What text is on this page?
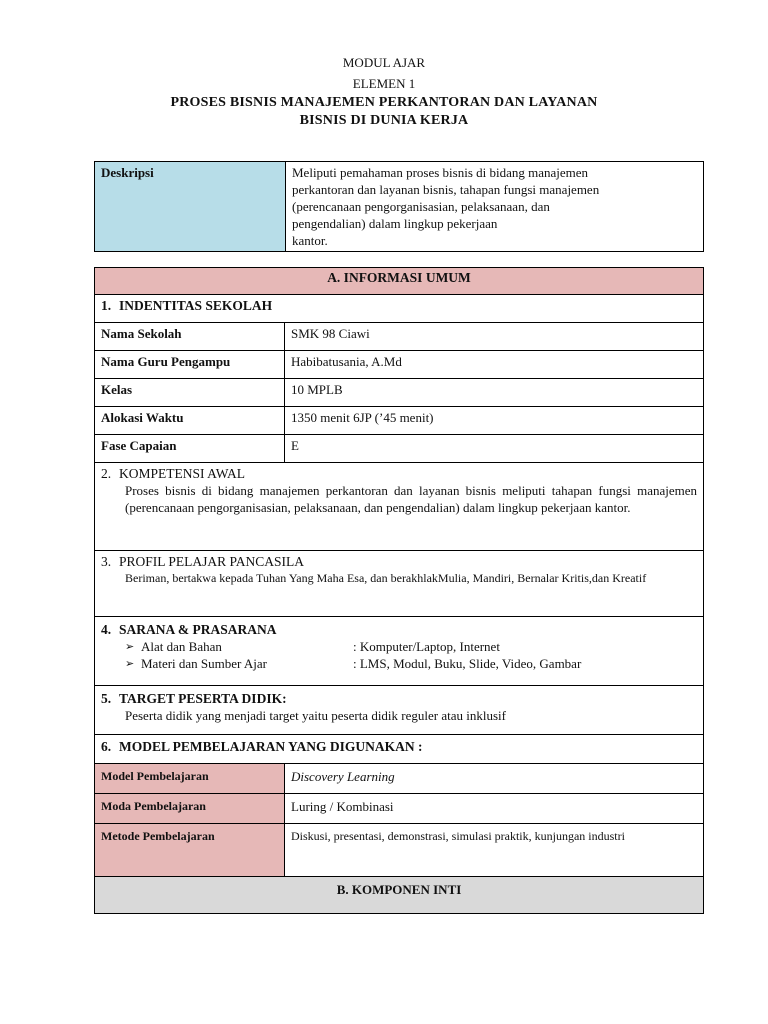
MODUL AJAR
ELEMEN 1
PROSES BISNIS MANAJEMEN PERKANTORAN DAN LAYANAN
BISNIS DI DUNIA KERJA
Deskripsi	Meliputi pemahaman proses bisnis di bidang manajemen
perkantoran dan layanan bisnis, tahapan fungsi manajemen
(perencanaan pengorganisasian, pelaksanaan, dan
pengendalian) dalam lingkup pekerjaan
kantor.
A. INFORMASI UMUM	
1. INDENTITAS SEKOLAH	
Nama Sekolah	SMK 98 Ciawi
Nama Guru Pengampu	Habibatusania, A.Md
Kelas	10 MPLB
Alokasi Waktu	1350 menit 6JP (’45 menit)
Fase Capaian	E

2. KOMPETENSI AWAL
Proses bisnis di bidang manajemen perkantoran dan layanan bisnis meliputi tahapan fungsi manajemen (perencanaan pengorganisasian, pelaksanaan, dan pengendalian) dalam lingkup pekerjaan kantor.	

3. PROFIL PELAJAR PANCASILA
Beriman, bertakwa kepada Tuhan Yang Maha Esa, dan berakhlakMulia, Mandiri, Bernalar Kritis,dan Kreatif	

4. SARANA & PRASARANA
➢ Alat dan Bahan : Komputer/Laptop, Internet
➢ Materi dan Sumber Ajar : LMS, Modul, Buku, Slide, Video, Gambar	

5. TARGET PESERTA DIDIK:
Peserta didik yang menjadi target yaitu peserta didik reguler atau inklusif	

6. MODEL PEMBELAJARAN YANG DIGUNAKAN :	
Model Pembelajaran	Discovery Learning
Moda Pembelajaran	Luring / Kombinasi
Metode Pembelajaran	Diskusi, presentasi, demonstrasi, simulasi praktik, kunjungan industri
B. KOMPONEN INTI	
